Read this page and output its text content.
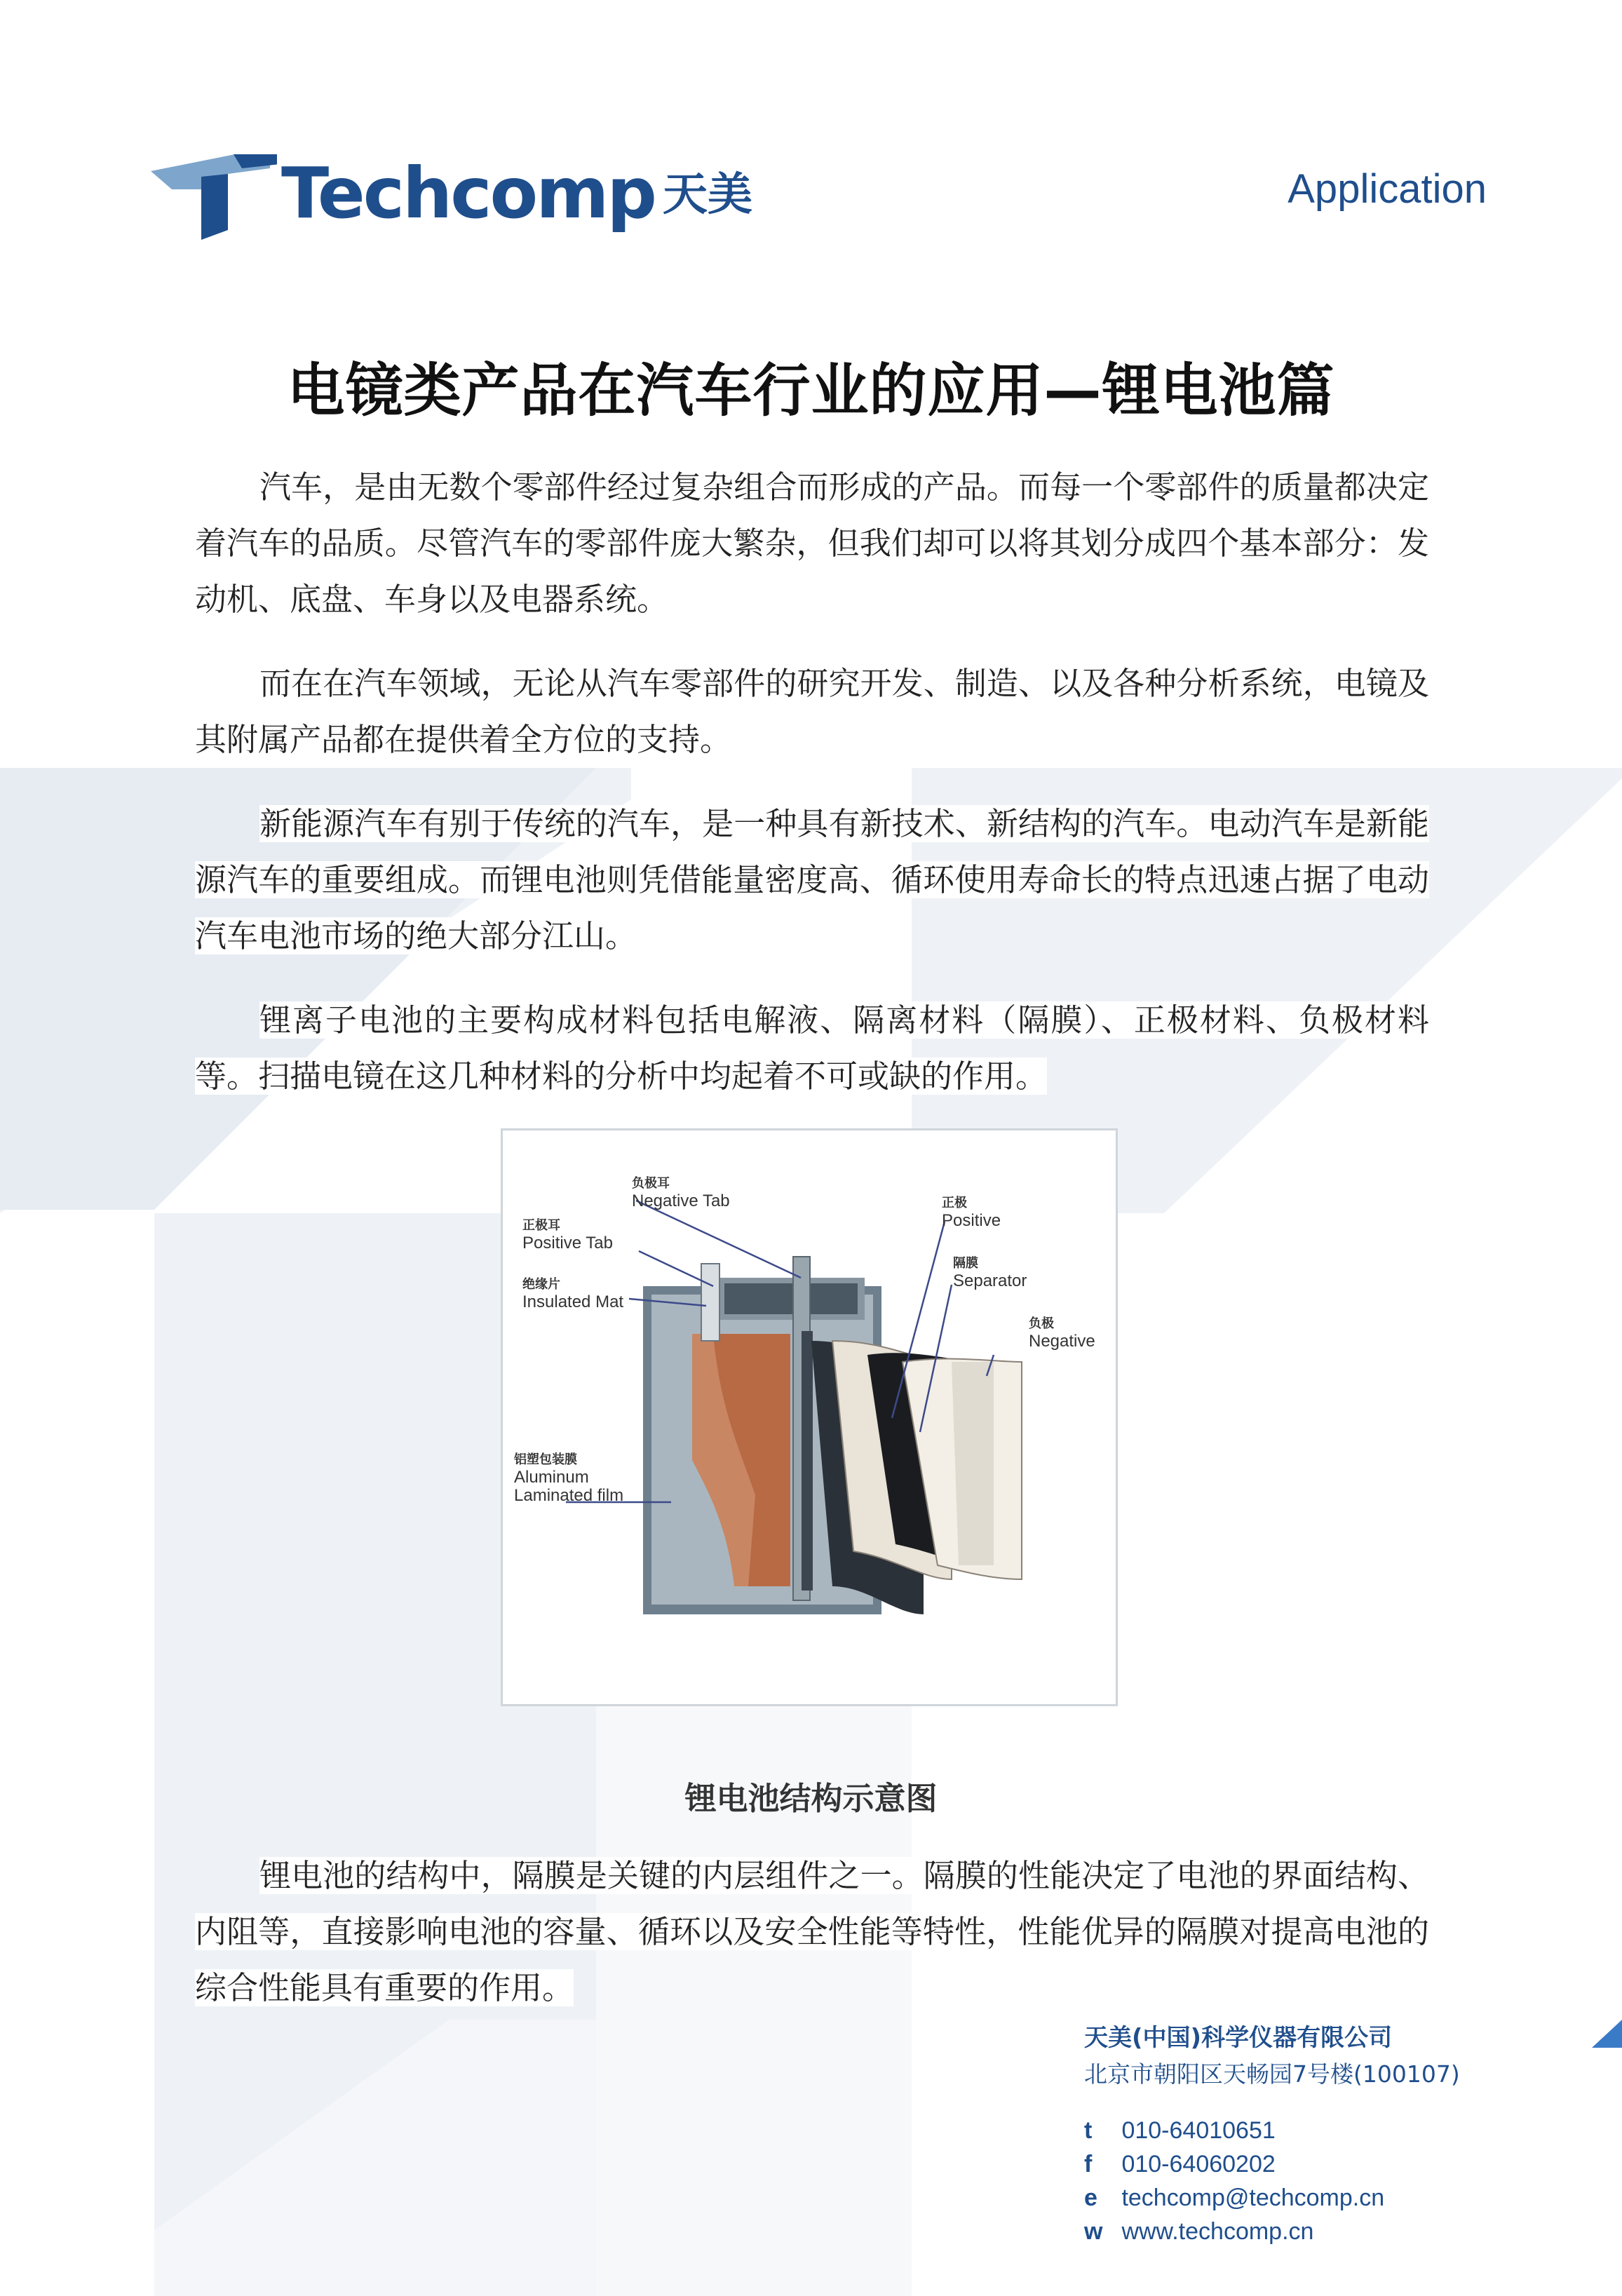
Techcomp 天美	Application
电镜类产品在汽车行业的应用—锂电池篇

汽车，是由无数个零部件经过复杂组合而形成的产品。而每一个零部件的质量都决定着汽车的品质。尽管汽车的零部件庞大繁杂，但我们却可以将其划分成四个基本部分：发动机、底盘、车身以及电器系统。

而在在汽车领域，无论从汽车零部件的研究开发、制造、以及各种分析系统，电镜及其附属产品都在提供着全方位的支持。

新能源汽车有别于传统的汽车，是一种具有新技术、新结构的汽车。电动汽车是新能源汽车的重要组成。而锂电池则凭借能量密度高、循环使用寿命长的特点迅速占据了电动汽车电池市场的绝大部分江山。

锂离子电池的主要构成材料包括电解液、隔离材料（隔膜）、正极材料、负极材料等。扫描电镜在这几种材料的分析中均起着不可或缺的作用。

负极耳
Negative Tab
正极耳
Positive Tab
绝缘片
Insulated Mat
铝塑包装膜
Aluminum
Laminated film
正极
Positive
隔膜
Separator
负极
Negative
锂电池结构示意图

锂电池的结构中，隔膜是关键的内层组件之一。隔膜的性能决定了电池的界面结构、内阻等，直接影响电池的容量、循环以及安全性能等特性，性能优异的隔膜对提高电池的综合性能具有重要的作用。

天美(中国)科学仪器有限公司
北京市朝阳区天畅园7号楼(100107)
t 010-64010651
f 010-64060202
e techcomp@techcomp.cn
w www.techcomp.cn
